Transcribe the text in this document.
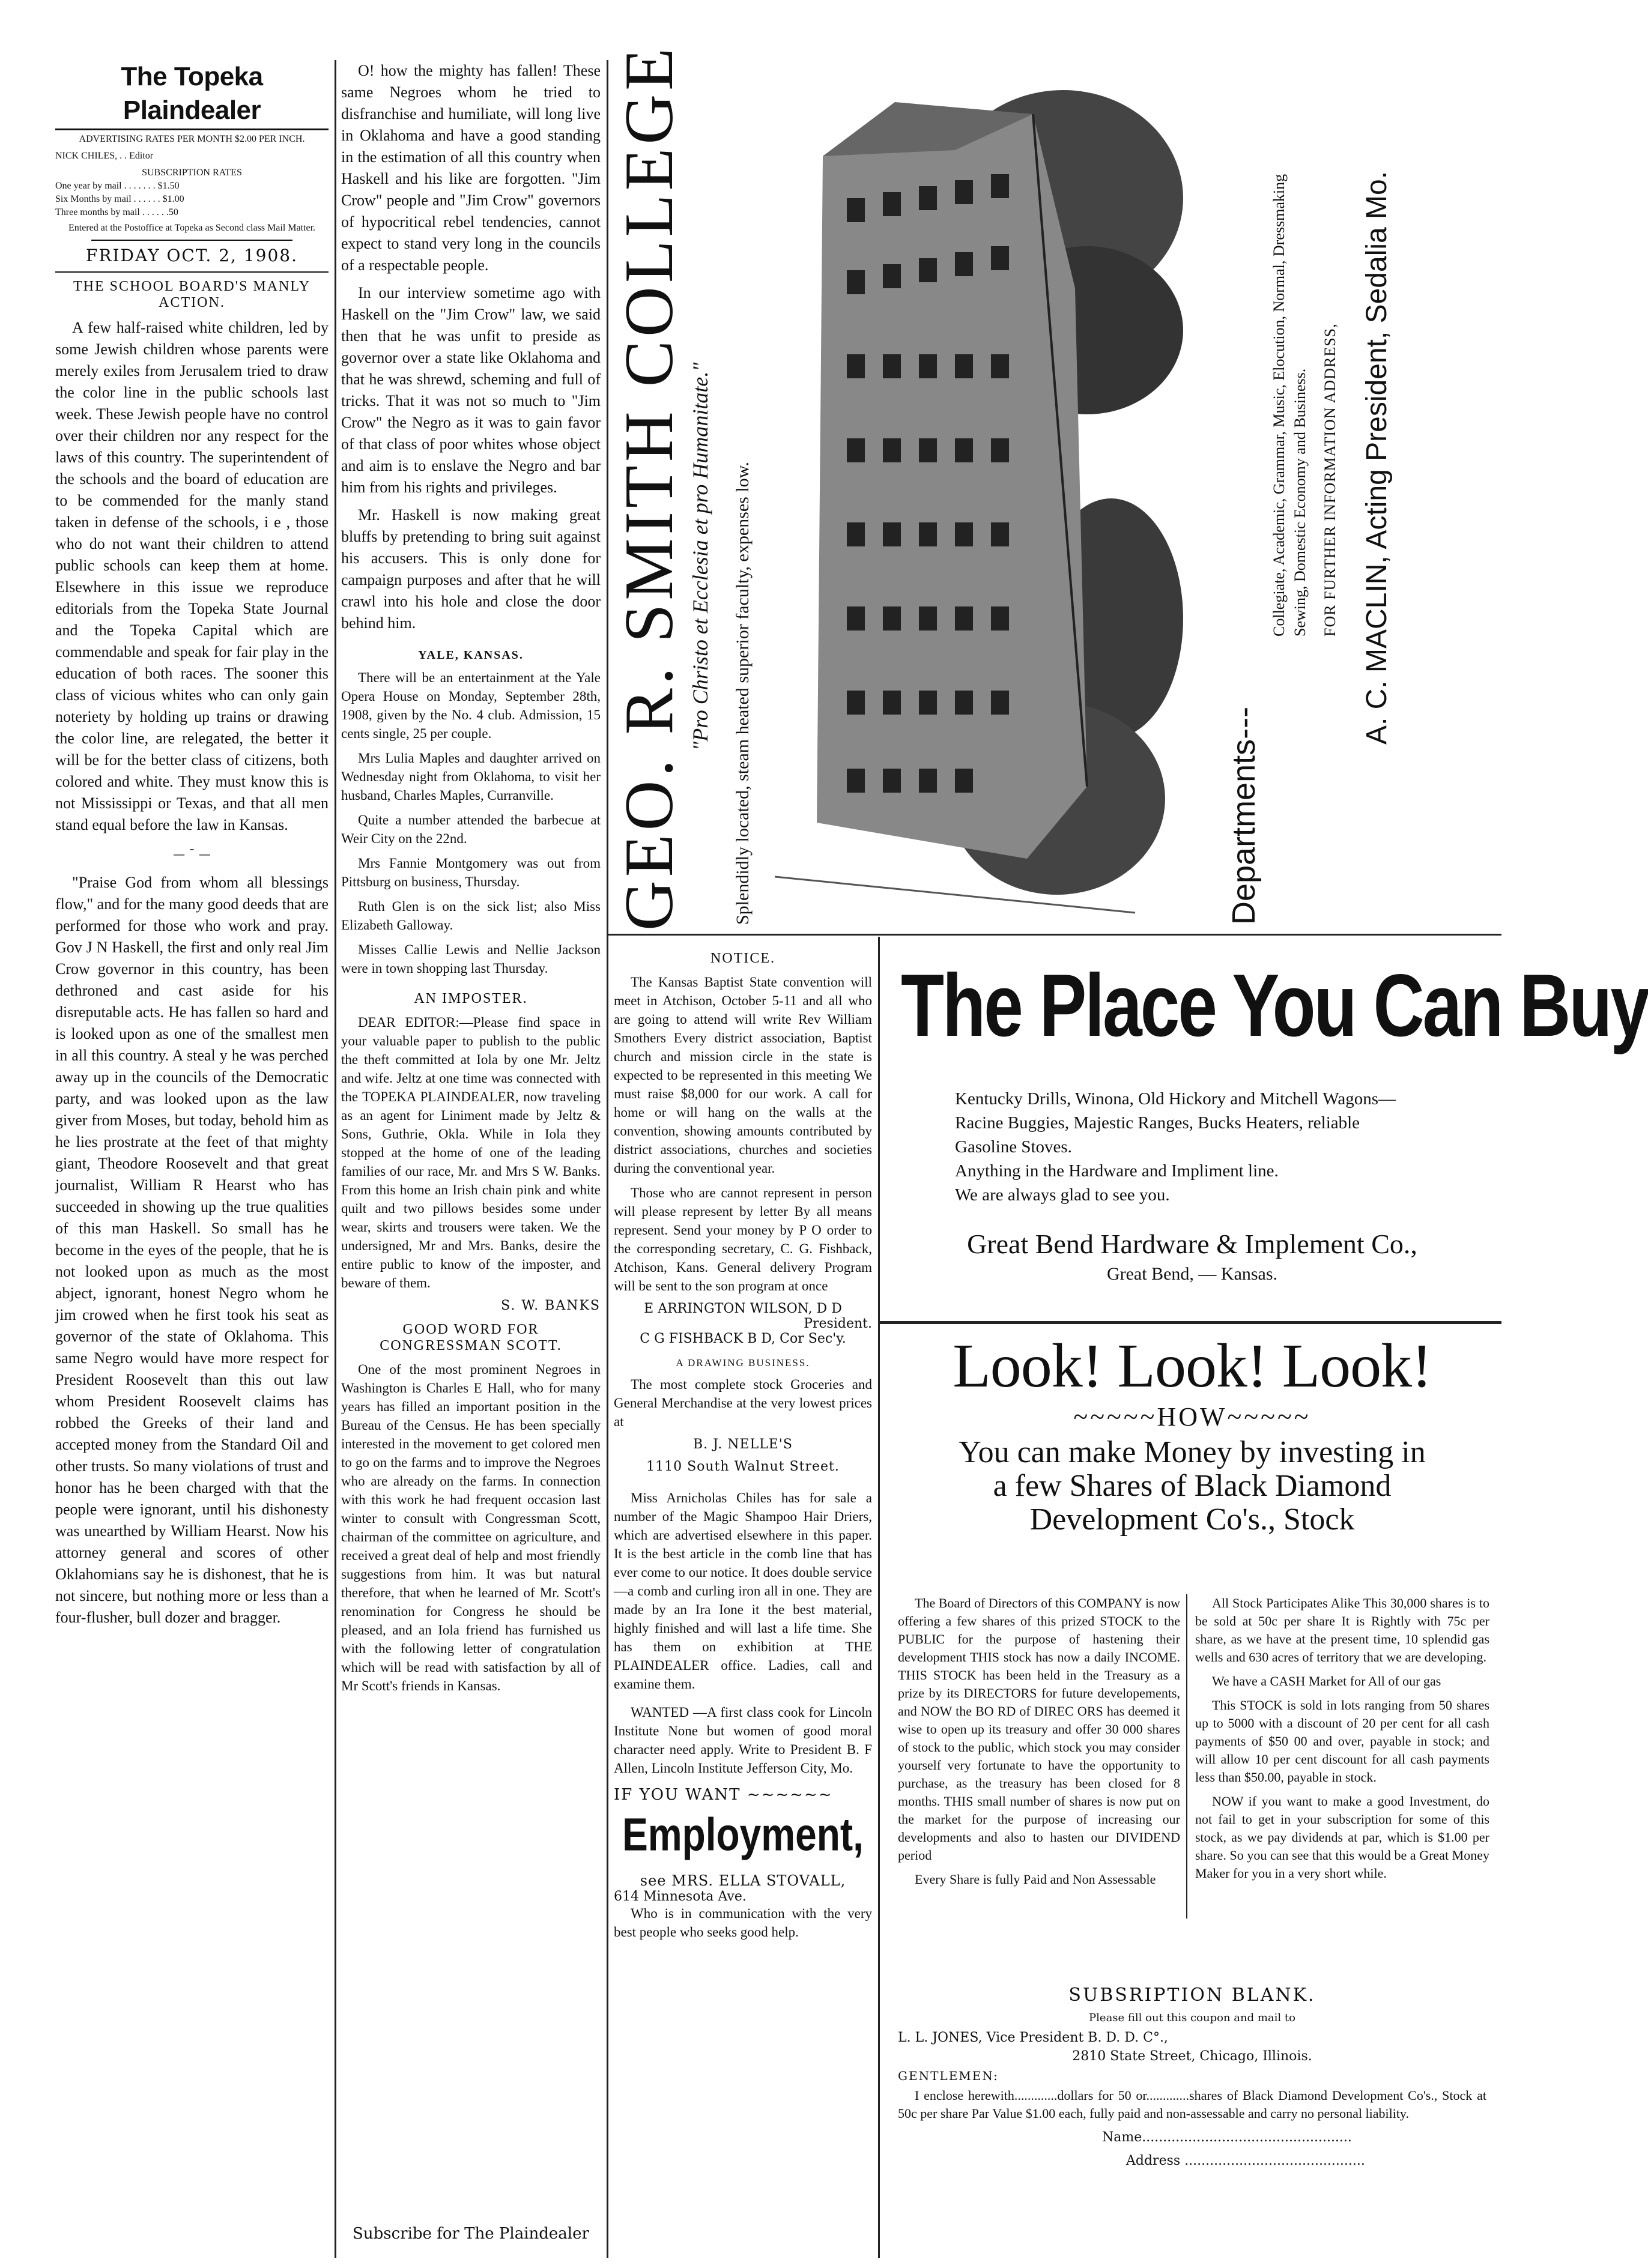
The Topeka Plaindealer
ADVERTISING RATES PER MONTH $2.00 PER INCH.
NICK CHILES, . . Editor
SUBSCRIPTION RATES
One year by mail . . . . . . . $1.50
Six Months by mail . . . . . . $1.00
Three months by mail . . . . . .50
Entered at the Postoffice at Topeka as Second class Mail Matter.
FRIDAY OCT. 2, 1908.
THE SCHOOL BOARD'S MANLY ACTION.

A few half-raised white children, led by some Jewish children whose parents were merely exiles from Jerusalem tried to draw the color line in the public schools last week. These Jewish people have no control over their children nor any respect for the laws of this country. The superintendent of the schools and the board of education are to be commended for the manly stand taken in defense of the schools, i e , those who do not want their children to attend public schools can keep them at home. Elsewhere in this issue we reproduce editorials from the Topeka State Journal and the Topeka Capital which are commendable and speak for fair play in the education of both races. The sooner this class of vicious whites who can only gain noteriety by holding up trains or drawing the color line, are relegated, the better it will be for the better class of citizens, both colored and white. They must know this is not Mississippi or Texas, and that all men stand equal before the law in Kansas.

— ˉ —

"Praise God from whom all blessings flow," and for the many good deeds that are performed for those who work and pray. Gov J N Haskell, the first and only real Jim Crow governor in this country, has been dethroned and cast aside for his disreputable acts. He has fallen so hard and is looked upon as one of the smallest men in all this country. A steal y he was perched away up in the councils of the Democratic party, and was looked upon as the law giver from Moses, but today, behold him as he lies prostrate at the feet of that mighty giant, Theodore Roosevelt and that great journalist, William R Hearst who has succeeded in showing up the true qualities of this man Haskell. So small has he become in the eyes of the people, that he is not looked upon as much as the most abject, ignorant, honest Negro whom he jim crowed when he first took his seat as governor of the state of Oklahoma. This same Negro would have more respect for President Roosevelt than this out law whom President Roosevelt claims has robbed the Greeks of their land and accepted money from the Standard Oil and other trusts. So many violations of trust and honor has he been charged with that the people were ignorant, until his dishonesty was unearthed by William Hearst. Now his attorney general and scores of other Oklahomians say he is dishonest, that he is not sincere, but nothing more or less than a four-flusher, bull dozer and bragger.

O! how the mighty has fallen! These same Negroes whom he tried to disfranchise and humiliate, will long live in Oklahoma and have a good standing in the estimation of all this country when Haskell and his like are forgotten. "Jim Crow" people and "Jim Crow" governors of hypocritical rebel tendencies, cannot expect to stand very long in the councils of a respectable people.

In our interview sometime ago with Haskell on the "Jim Crow" law, we said then that he was unfit to preside as governor over a state like Oklahoma and that he was shrewd, scheming and full of tricks. That it was not so much to "Jim Crow" the Negro as it was to gain favor of that class of poor whites whose object and aim is to enslave the Negro and bar him from his rights and privileges.

Mr. Haskell is now making great bluffs by pretending to bring suit against his accusers. This is only done for campaign purposes and after that he will crawl into his hole and close the door behind him.

YALE, KANSAS.

There will be an entertainment at the Yale Opera House on Monday, September 28th, 1908, given by the No. 4 club. Admission, 15 cents single, 25 per couple.

Mrs Lulia Maples and daughter arrived on Wednesday night from Oklahoma, to visit her husband, Charles Maples, Curranville.

Quite a number attended the barbecue at Weir City on the 22nd.

Mrs Fannie Montgomery was out from Pittsburg on business, Thursday.

Ruth Glen is on the sick list; also Miss Elizabeth Galloway.

Misses Callie Lewis and Nellie Jackson were in town shopping last Thursday.

AN IMPOSTER.

DEAR EDITOR:—Please find space in your valuable paper to publish to the public the theft committed at Iola by one Mr. Jeltz and wife. Jeltz at one time was connected with the TOPEKA PLAINDEALER, now traveling as an agent for Liniment made by Jeltz & Sons, Guthrie, Okla. While in Iola they stopped at the home of one of the leading families of our race, Mr. and Mrs S W. Banks. From this home an Irish chain pink and white quilt and two pillows besides some under wear, skirts and trousers were taken. We the undersigned, Mr and Mrs. Banks, desire the entire public to know of the imposter, and beware of them.

S. W. BANKS
GOOD WORD FOR CONGRESSMAN SCOTT.

One of the most prominent Negroes in Washington is Charles E Hall, who for many years has filled an important position in the Bureau of the Census. He has been specially interested in the movement to get colored men to go on the farms and to improve the Negroes who are already on the farms. In connection with this work he had frequent occasion last winter to consult with Congressman Scott, chairman of the committee on agriculture, and received a great deal of help and most friendly suggestions from him. It was but natural therefore, that when he learned of Mr. Scott's renomination for Congress he should be pleased, and an Iola friend has furnished us with the following letter of congratulation which will be read with satisfaction by all of Mr Scott's friends in Kansas.

Subscribe for The Plaindealer
GEO. R. SMITH COLLEGE "Pro Christo et Ecclesia et pro Humanitate." Splendidly located, steam heated superior faculty, expenses low.	Departments---
Collegiate, Academic, Grammar, Music, Elocution, Normal, Dressmaking Sewing, Domestic Economy and Business. FOR FURTHER INFORMATION ADDRESS, A. C. MACLIN, Acting President, Sedalia Mo.
NOTICE.

The Kansas Baptist State convention will meet in Atchison, October 5-11 and all who are going to attend will write Rev William Smothers Every district association, Baptist church and mission circle in the state is expected to be represented in this meeting We must raise $8,000 for our work. A call for home or will hang on the walls at the convention, showing amounts contributed by district associations, churches and societies during the conventional year.

Those who are cannot represent in person will please represent by letter By all means represent. Send your money by P O order to the corresponding secretary, C. G. Fishback, Atchison, Kans. General delivery Program will be sent to the son program at once

E ARRINGTON WILSON, D D
President.
C G FISHBACK B D, Cor Sec'y.
A DRAWING BUSINESS.

The most complete stock Groceries and General Merchandise at the very lowest prices at

B. J. NELLE'S
1110 South Walnut Street.

Miss Arnicholas Chiles has for sale a number of the Magic Shampoo Hair Driers, which are advertised elsewhere in this paper. It is the best article in the comb line that has ever come to our notice. It does double service—a comb and curling iron all in one. They are made by an Ira Ione it the best material, highly finished and will last a life time. She has them on exhibition at THE PLAINDEALER office. Ladies, call and examine them.

WANTED —A first class cook for Lincoln Institute None but women of good moral character need apply. Write to President B. F Allen, Lincoln Institute Jefferson City, Mo.

IF YOU WANT ~~~~~~
Employment,
see MRS. ELLA STOVALL,
614 Minnesota Ave.

Who is in communication with the very best people who seeks good help.

The Place You Can Buy
Kentucky Drills, Winona, Old Hickory and Mitchell Wagons—Racine Buggies, Majestic Ranges, Bucks Heaters, reliable Gasoline Stoves.
Anything in the Hardware and Impliment line.
We are always glad to see you.
Great Bend Hardware & Implement Co.,
Great Bend, — Kansas.
Look! Look! Look!
~~~~~HOW~~~~~
You can make Money by investing in
a few Shares of Black Diamond
Development Co's., Stock

The Board of Directors of this COMPANY is now offering a few shares of this prized STOCK to the PUBLIC for the purpose of hastening their development THIS stock has now a daily INCOME. THIS STOCK has been held in the Treasury as a prize by its DIRECTORS for future developements, and NOW the BO RD of DIREC ORS has deemed it wise to open up its treasury and offer 30 000 shares of stock to the public, which stock you may consider yourself very fortunate to have the opportunity to purchase, as the treasury has been closed for 8 months. THIS small number of shares is now put on the market for the purpose of increasing our developments and also to hasten our DIVIDEND period

Every Share is fully Paid and Non Assessable

All Stock Participates Alike This 30,000 shares is to be sold at 50c per share It is Rightly with 75c per share, as we have at the present time, 10 splendid gas wells and 630 acres of territory that we are developing.

We have a CASH Market for All of our gas

This STOCK is sold in lots ranging from 50 shares up to 5000 with a discount of 20 per cent for all cash payments of $50 00 and over, payable in stock; and will allow 10 per cent discount for all cash payments less than $50.00, payable in stock.

NOW if you want to make a good Investment, do not fail to get in your subscription for some of this stock, as we pay dividends at par, which is $1.00 per share. So you can see that this would be a Great Money Maker for you in a very short while.

SUBSRIPTION BLANK.
Please fill out this coupon and mail to
L. L. JONES, Vice President B. D. D. C°.,
2810 State Street, Chicago, Illinois.
GENTLEMEN:

I enclose herewith.............dollars for 50 or.............shares of Black Diamond Development Co's., Stock at 50c per share Par Value $1.00 each, fully paid and non-assessable and carry no personal liability.

Name..................................................
Address ...........................................
